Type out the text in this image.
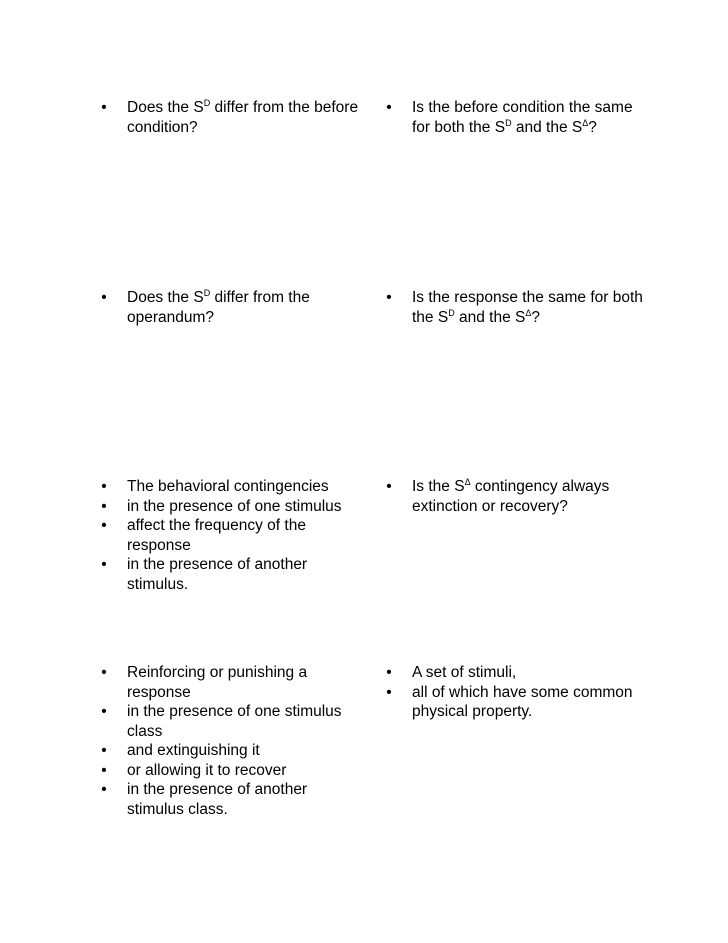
• Does the $S^D$ differ from the before condition?
• Is the before condition the same for both the $S^D$ and the $S^\Delta$?
• Does the $S^D$ differ from the operandum?
• Is the response the same for both the $S^D$ and the $S^\Delta$?
• The behavioral contingencies
• in the presence of one stimulus
• affect the frequency of the response
• in the presence of another stimulus.
• Is the $S^\Delta$ contingency always extinction or recovery?
• Reinforcing or punishing a response
• in the presence of one stimulus class
• and extinguishing it
• or allowing it to recover
• in the presence of another stimulus class.
• A set of stimuli,
• all of which have some common physical property.
